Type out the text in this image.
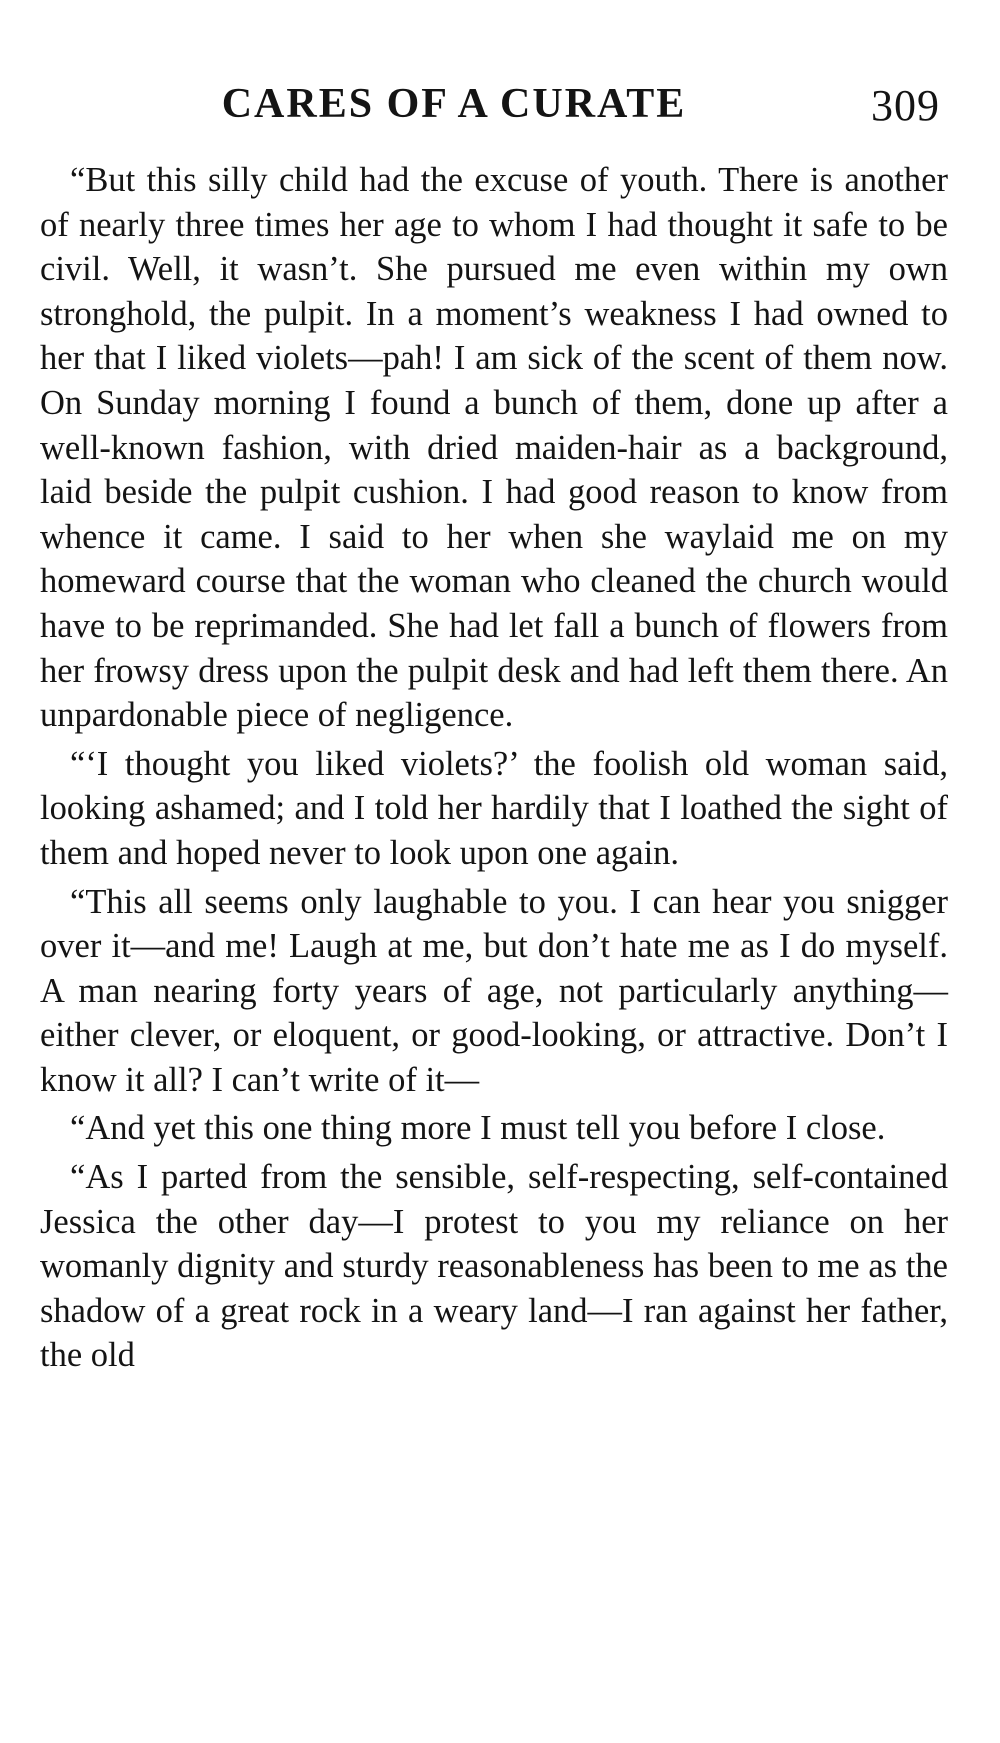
CARES OF A CURATE	309

“But this silly child had the excuse of youth. There is another of nearly three times her age to whom I had thought it safe to be civil. Well, it wasn’t. She pursued me even within my own stronghold, the pulpit. In a moment’s weakness I had owned to her that I liked violets—pah! I am sick of the scent of them now. On Sunday morning I found a bunch of them, done up after a well-known fashion, with dried maiden-hair as a background, laid beside the pulpit cushion. I had good reason to know from whence it came. I said to her when she waylaid me on my homeward course that the woman who cleaned the church would have to be reprimanded. She had let fall a bunch of flowers from her frowsy dress upon the pulpit desk and had left them there. An unpardonable piece of negligence.

“‘I thought you liked violets?’ the foolish old woman said, looking ashamed; and I told her hardily that I loathed the sight of them and hoped never to look upon one again.

“This all seems only laughable to you. I can hear you snigger over it—and me! Laugh at me, but don’t hate me as I do myself. A man nearing forty years of age, not particularly anything—either clever, or eloquent, or good-looking, or attractive. Don’t I know it all? I can’t write of it—

“And yet this one thing more I must tell you before I close.

“As I parted from the sensible, self-respecting, self-contained Jessica the other day—I protest to you my reliance on her womanly dignity and sturdy reasonableness has been to me as the shadow of a great rock in a weary land—I ran against her father, the old
